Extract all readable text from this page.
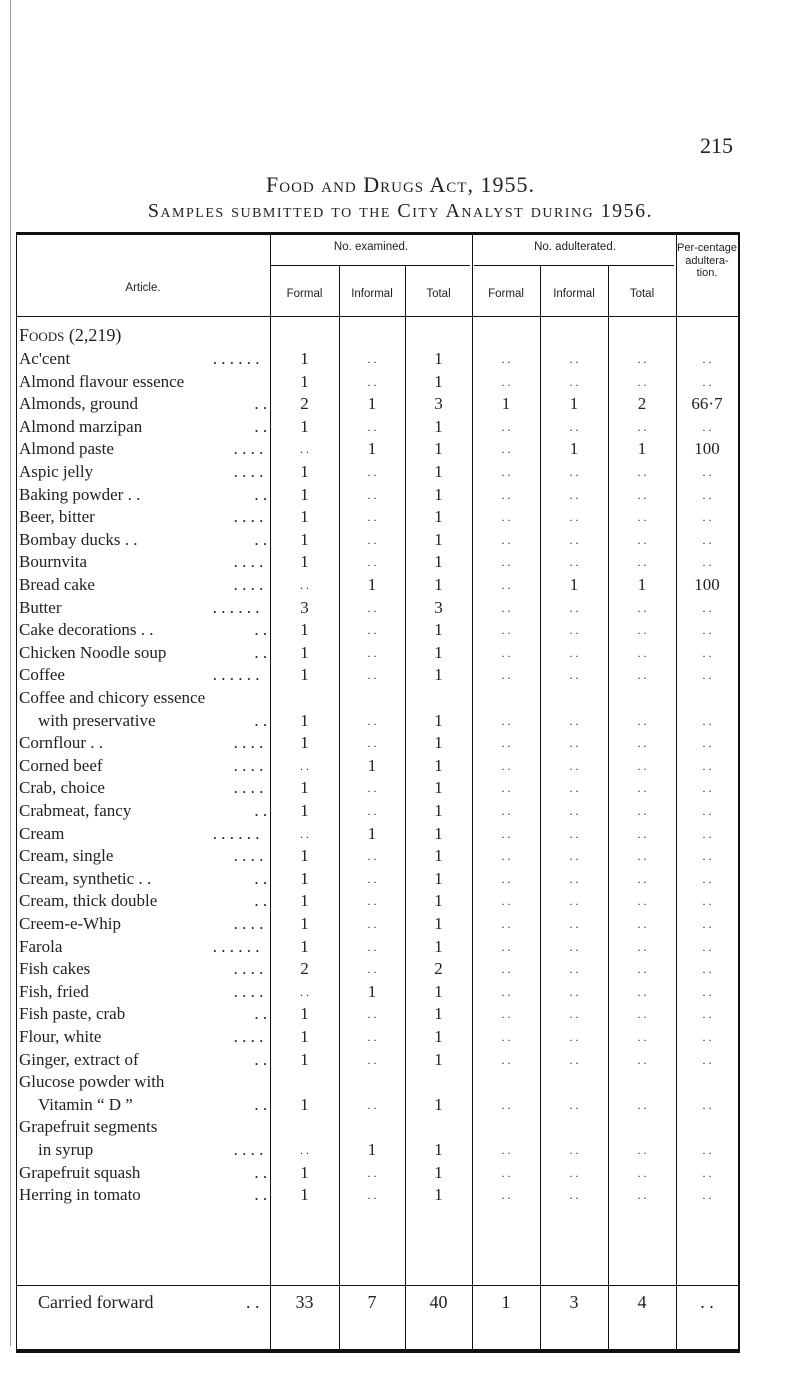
215
Food and Drugs Act, 1955.
Samples submitted to the City Analyst during 1956.
Article.
No. examined.	No. adulterated.	Per-centage adultera-tion.
Formal	Informal	Total	Formal	Informal	Total
Foods (2,219)
Ac'cent	. . . . . .	1	. .	1	. .	. .	. .	. .
Almond flavour essence	1	. .	1	. .	. .	. .	. .
Almonds, ground	. .	2	1	3	1	1	2	66·7
Almond marzipan	. .	1	. .	1	. .	. .	. .	. .
Almond paste	. . . .	. .	1	1	. .	1	1	100
Aspic jelly	. . . .	1	. .	1	. .	. .	. .	. .
Baking powder . .	. .	1	. .	1	. .	. .	. .	. .
Beer, bitter	. . . .	1	. .	1	. .	. .	. .	. .
Bombay ducks . .	. .	1	. .	1	. .	. .	. .	. .
Bournvita	. . . .	1	. .	1	. .	. .	. .	. .
Bread cake	. . . .	. .	1	1	. .	1	1	100
Butter	. . . . . .	3	. .	3	. .	. .	. .	. .
Cake decorations . .	. .	1	. .	1	. .	. .	. .	. .
Chicken Noodle soup	. .	1	. .	1	. .	. .	. .	. .
Coffee	. . . . . .	1	. .	1	. .	. .	. .	. .
Coffee and chicory essence
with preservative	. .	1	. .	1	. .	. .	. .	. .
Cornflour . .	. . . .	1	. .	1	. .	. .	. .	. .
Corned beef	. . . .	. .	1	1	. .	. .	. .	. .
Crab, choice	. . . .	1	. .	1	. .	. .	. .	. .
Crabmeat, fancy	. .	1	. .	1	. .	. .	. .	. .
Cream	. . . . . .	. .	1	1	. .	. .	. .	. .
Cream, single	. . . .	1	. .	1	. .	. .	. .	. .
Cream, synthetic . .	. .	1	. .	1	. .	. .	. .	. .
Cream, thick double	. .	1	. .	1	. .	. .	. .	. .
Creem-e-Whip	. . . .	1	. .	1	. .	. .	. .	. .
Farola	. . . . . .	1	. .	1	. .	. .	. .	. .
Fish cakes	. . . .	2	. .	2	. .	. .	. .	. .
Fish, fried	. . . .	. .	1	1	. .	. .	. .	. .
Fish paste, crab	. .	1	. .	1	. .	. .	. .	. .
Flour, white	. . . .	1	. .	1	. .	. .	. .	. .
Ginger, extract of	. .	1	. .	1	. .	. .	. .	. .
Glucose powder with
Vitamin “ D ”	. .	1	. .	1	. .	. .	. .	. .
Grapefruit segments
in syrup	. . . .	. .	1	1	. .	. .	. .	. .
Grapefruit squash	. .	1	. .	1	. .	. .	. .	. .
Herring in tomato	. .	1	. .	1	. .	. .	. .	. .
Carried forward	. .	33	7	40	1	3	4	. .
